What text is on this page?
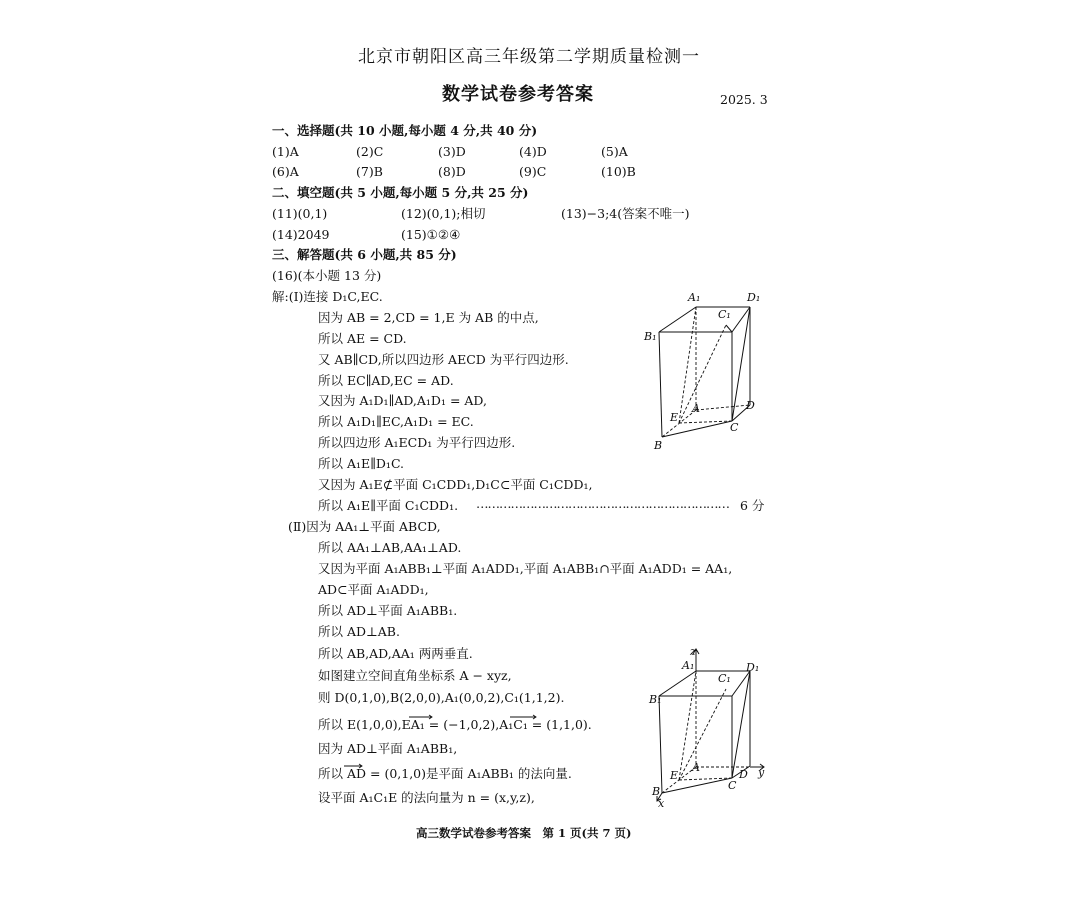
北京市朝阳区高三年级第二学期质量检测一
数学试卷参考答案	2025. 3
一、选择题(共 10 小题,每小题 4 分,共 40 分)
(1)A	(2)C	(3)D	(4)D	(5)A
(6)A	(7)B	(8)D	(9)C	(10)B
二、填空题(共 5 小题,每小题 5 分,共 25 分)
(11)(0,1)	(12)(0,1);相切	(13)−3;4(答案不唯一)
(14)2049	(15)①②④
三、解答题(共 6 小题,共 85 分)
(16)(本小题 13 分)
解:(Ⅰ)连接 D₁C,EC.
因为 AB = 2,CD = 1,E 为 AB 的中点,
所以 AE = CD.
又 AB∥CD,所以四边形 AECD 为平行四边形.
所以 EC∥AD,EC = AD.
又因为 A₁D₁∥AD,A₁D₁ = AD,
所以 A₁D₁∥EC,A₁D₁ = EC.
所以四边形 A₁ECD₁ 为平行四边形.
所以 A₁E∥D₁C.
又因为 A₁E⊄平面 C₁CDD₁,D₁C⊂平面 C₁CDD₁,
所以 A₁E∥平面 C₁CDD₁. ………………………………………………………… 6 分
(Ⅱ)因为 AA₁⊥平面 ABCD,
所以 AA₁⊥AB,AA₁⊥AD.
又因为平面 A₁ABB₁⊥平面 A₁ADD₁,平面 A₁ABB₁∩平面 A₁ADD₁ = AA₁,
AD⊂平面 A₁ADD₁,
所以 AD⊥平面 A₁ABB₁.
所以 AD⊥AB.
所以 AB,AD,AA₁ 两两垂直.
如图建立空间直角坐标系 A − xyz,
则 D(0,1,0),B(2,0,0),A₁(0,0,2),C₁(1,1,2).
所以 E(1,0,0),EA₁ = (−1,0,2),A₁C₁ = (1,1,0).
因为 AD⊥平面 A₁ABB₁,
所以 AD = (0,1,0)是平面 A₁ABB₁ 的法向量.
设平面 A₁C₁E 的法向量为 n = (x,y,z),
A₁	D₁
C₁
B₁
E
A	D
B
C
z
A₁	D₁
C₁
B₁
E
A
D y
B
x
C
高三数学试卷参考答案　第 1 页(共 7 页)
